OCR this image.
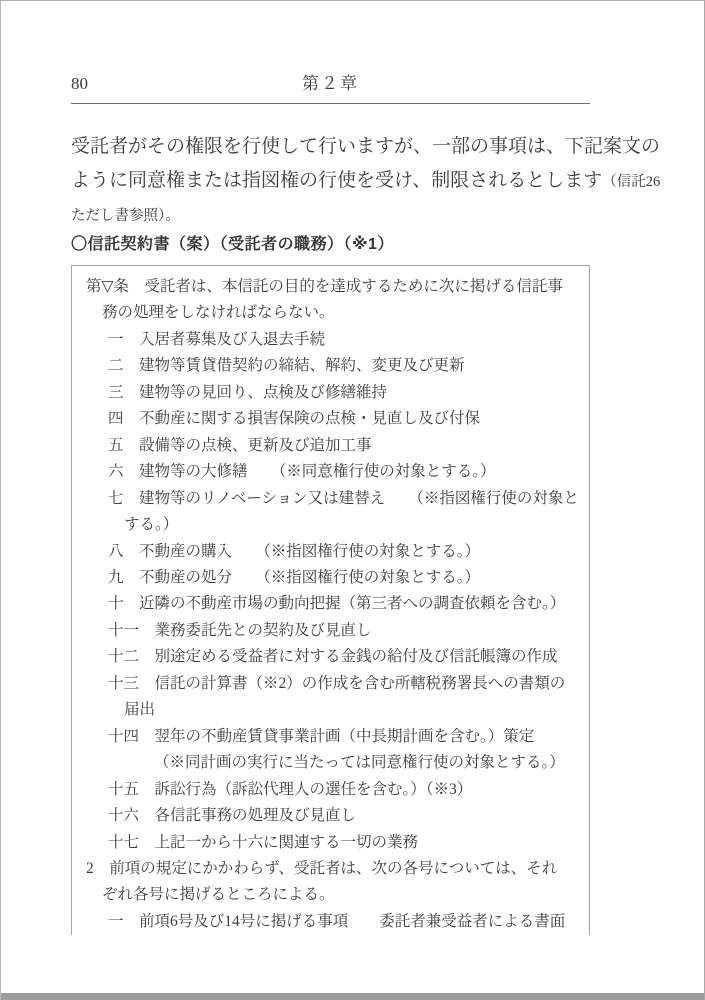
80	第２章
受託者がその権限を行使して行いますが、一部の事項は、下記案文の
ように同意権または指図権の行使を受け、制限されるとします（信託26
ただし書参照）。
〇信託契約書（案）（受託者の職務）（※1）
第▽条　受託者は、本信託の目的を達成するために次に掲げる信託事
務の処理をしなければならない。
一　入居者募集及び入退去手続
二　建物等賃貸借契約の締結、解約、変更及び更新
三　建物等の見回り、点検及び修繕維持
四　不動産に関する損害保険の点検・見直し及び付保
五　設備等の点検、更新及び追加工事
六　建物等の大修繕　　（※同意権行使の対象とする。）
七　建物等のリノベーション又は建替え　　（※指図権行使の対象と
する。）
八　不動産の購入　　（※指図権行使の対象とする。）
九　不動産の処分　　（※指図権行使の対象とする。）
十　近隣の不動産市場の動向把握（第三者への調査依頼を含む。）
十一　業務委託先との契約及び見直し
十二　別途定める受益者に対する金銭の給付及び信託帳簿の作成
十三　信託の計算書（※2）の作成を含む所轄税務署長への書類の
届出
十四　翌年の不動産賃貸事業計画（中長期計画を含む。）策定
（※同計画の実行に当たっては同意権行使の対象とする。）
十五　訴訟行為（訴訟代理人の選任を含む。）（※3）
十六　各信託事務の処理及び見直し
十七　上記一から十六に関連する一切の業務
2　前項の規定にかかわらず、受託者は、次の各号については、それ
ぞれ各号に掲げるところによる。
一　前項6号及び14号に掲げる事項　　委託者兼受益者による書面
